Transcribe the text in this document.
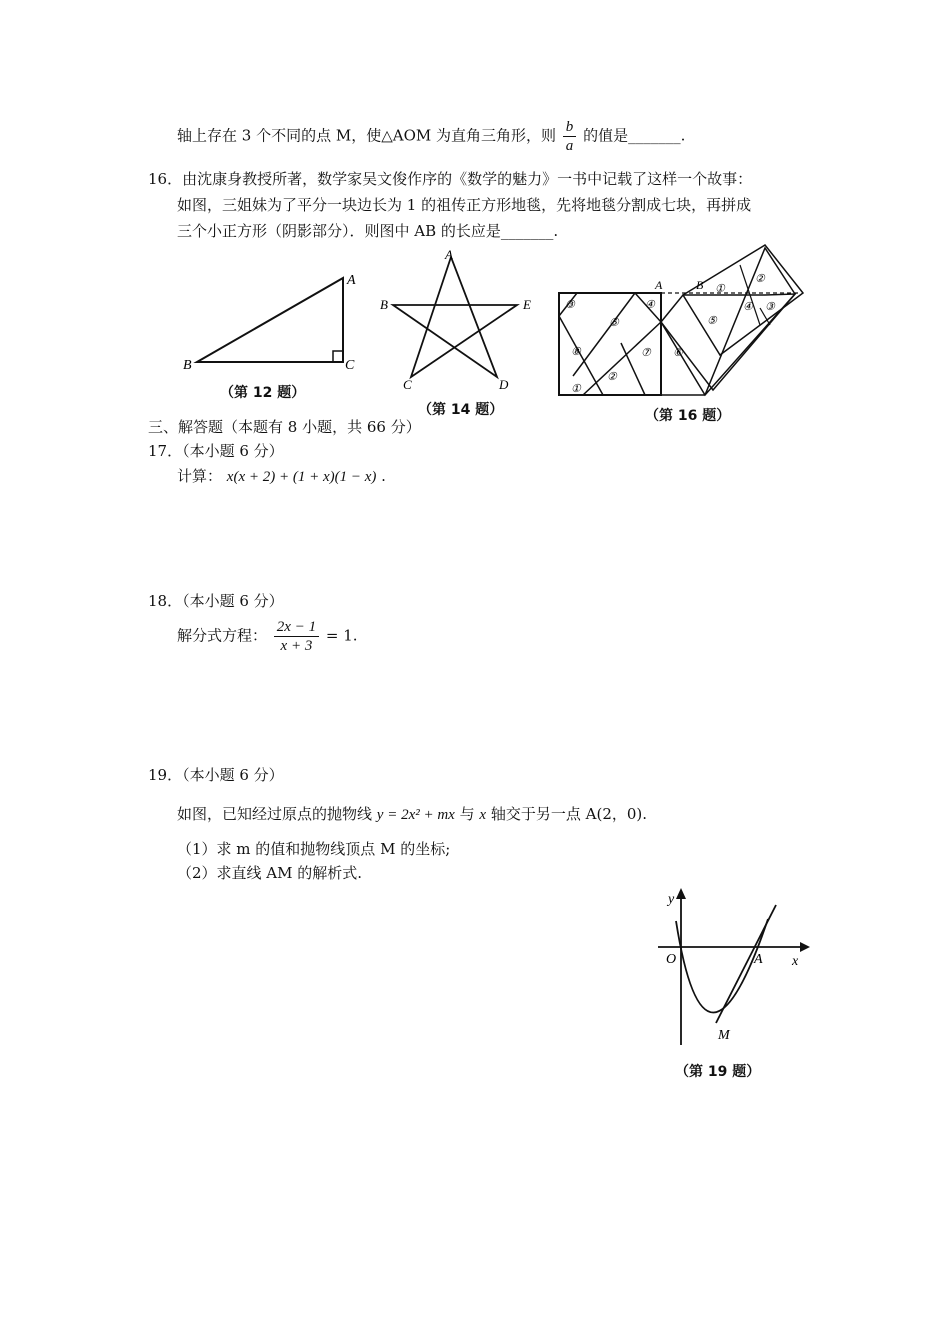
轴上存在 3 个不同的点 M，使△AOM 为直角三角形，则 $\frac{b}{a}$ 的值是_______.
16．由沈康身教授所著，数学家吴文俊作序的《数学的魅力》一书中记载了这样一个故事：
如图，三姐妹为了平分一块边长为 1 的祖传正方形地毯，先将地毯分割成七块，再拼成
三个小正方形（阴影部分）．则图中 AB 的长应是_______.
A
B	C
（第 12 题）
A
B
C	D
E
（第 14 题）
A	B
③	④
⑤
⑧	⑦ ⑥
②
①
⑤
①
②
④ ③
（第 16 题）
三、解答题（本题有 8 小题，共 66 分）
17．（本小题 6 分）
计算： x(x + 2) + (1 + x)(1 − x) .
18．（本小题 6 分）
解分式方程： $\frac{2x - 1}{x + 3} = 1$.
19．（本小题 6 分）
如图，已知经过原点的抛物线 y = 2x² + mx 与 x 轴交于另一点 A(2，0).
（1）求 m 的值和抛物线顶点 M 的坐标;
（2）求直线 AM 的解析式.
y
O	A x
M
（第 19 题）
